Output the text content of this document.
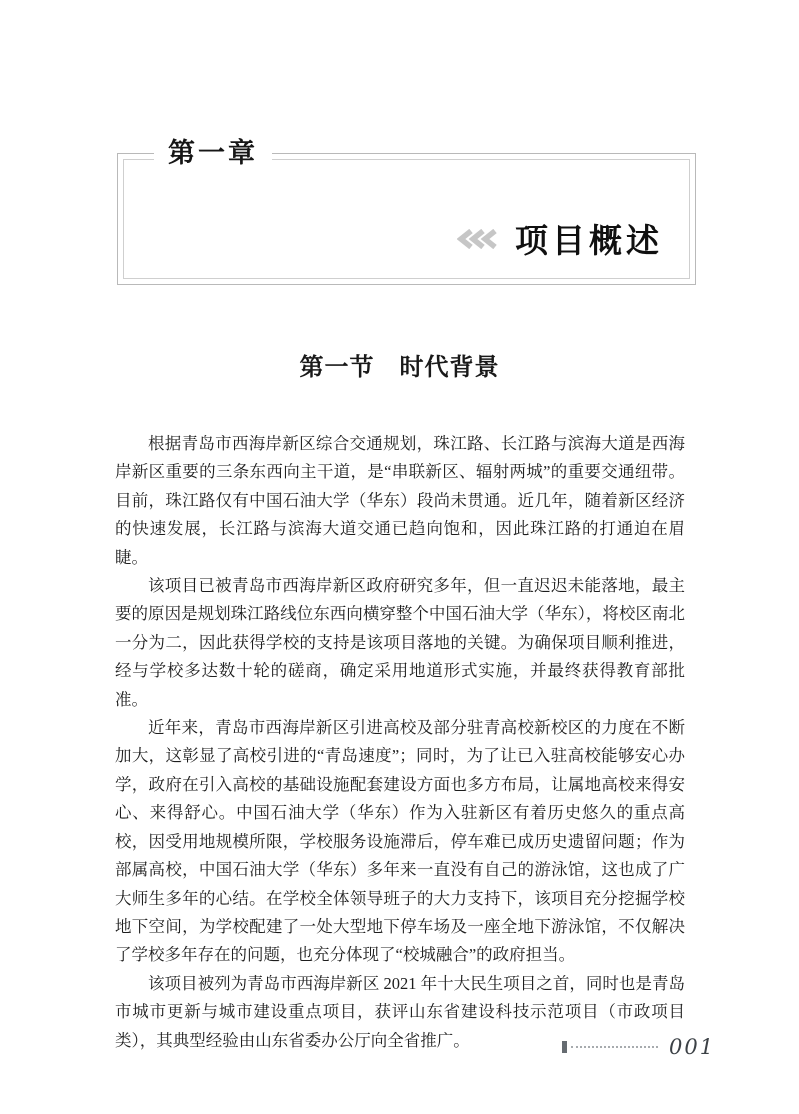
第一章
项目概述
第一节　时代背景

根据青岛市西海岸新区综合交通规划，珠江路、长江路与滨海大道是西海岸新区重要的三条东西向主干道，是“串联新区、辐射两城”的重要交通纽带。目前，珠江路仅有中国石油大学（华东）段尚未贯通。近几年，随着新区经济的快速发展，长江路与滨海大道交通已趋向饱和，因此珠江路的打通迫在眉睫。

该项目已被青岛市西海岸新区政府研究多年，但一直迟迟未能落地，最主要的原因是规划珠江路线位东西向横穿整个中国石油大学（华东），将校区南北一分为二，因此获得学校的支持是该项目落地的关键。为确保项目顺利推进，经与学校多达数十轮的磋商，确定采用地道形式实施，并最终获得教育部批准。

近年来，青岛市西海岸新区引进高校及部分驻青高校新校区的力度在不断加大，这彰显了高校引进的“青岛速度”；同时，为了让已入驻高校能够安心办学，政府在引入高校的基础设施配套建设方面也多方布局，让属地高校来得安心、来得舒心。中国石油大学（华东）作为入驻新区有着历史悠久的重点高校，因受用地规模所限，学校服务设施滞后，停车难已成历史遗留问题；作为部属高校，中国石油大学（华东）多年来一直没有自己的游泳馆，这也成了广大师生多年的心结。在学校全体领导班子的大力支持下，该项目充分挖掘学校地下空间，为学校配建了一处大型地下停车场及一座全地下游泳馆，不仅解决了学校多年存在的问题，也充分体现了“校城融合”的政府担当。

该项目被列为青岛市西海岸新区 2021 年十大民生项目之首，同时也是青岛市城市更新与城市建设重点项目，获评山东省建设科技示范项目（市政项目类），其典型经验由山东省委办公厅向全省推广。	001
